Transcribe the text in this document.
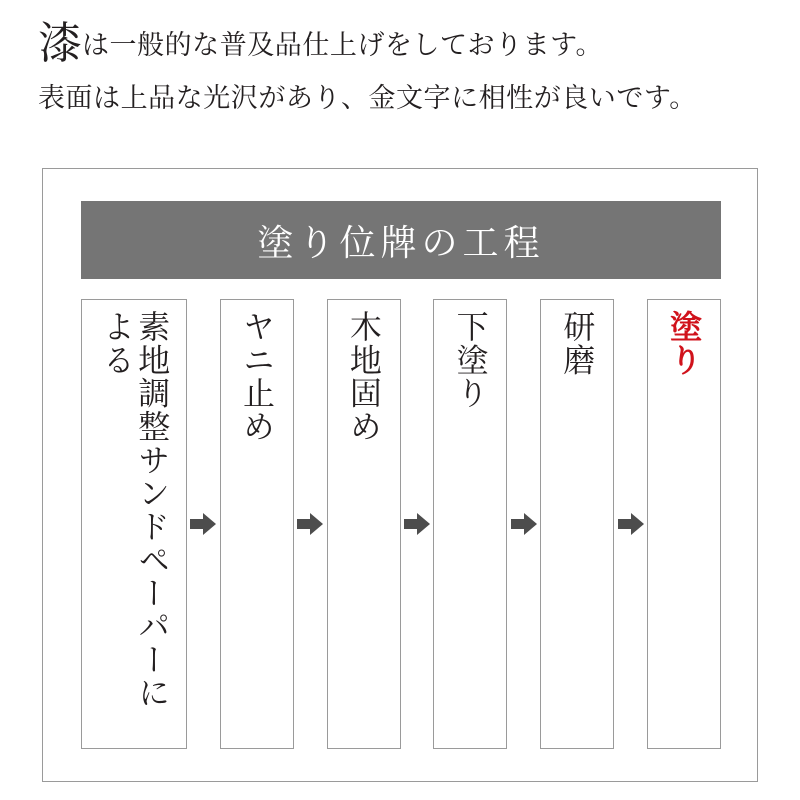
漆は一般的な普及品仕上げをしております。
表面は上品な光沢があり、金文字に相性が良いです。
塗り位牌の工程
素地調整サンドペーパーによる	ヤニ止め 木地固め 下塗り 研磨 塗り
